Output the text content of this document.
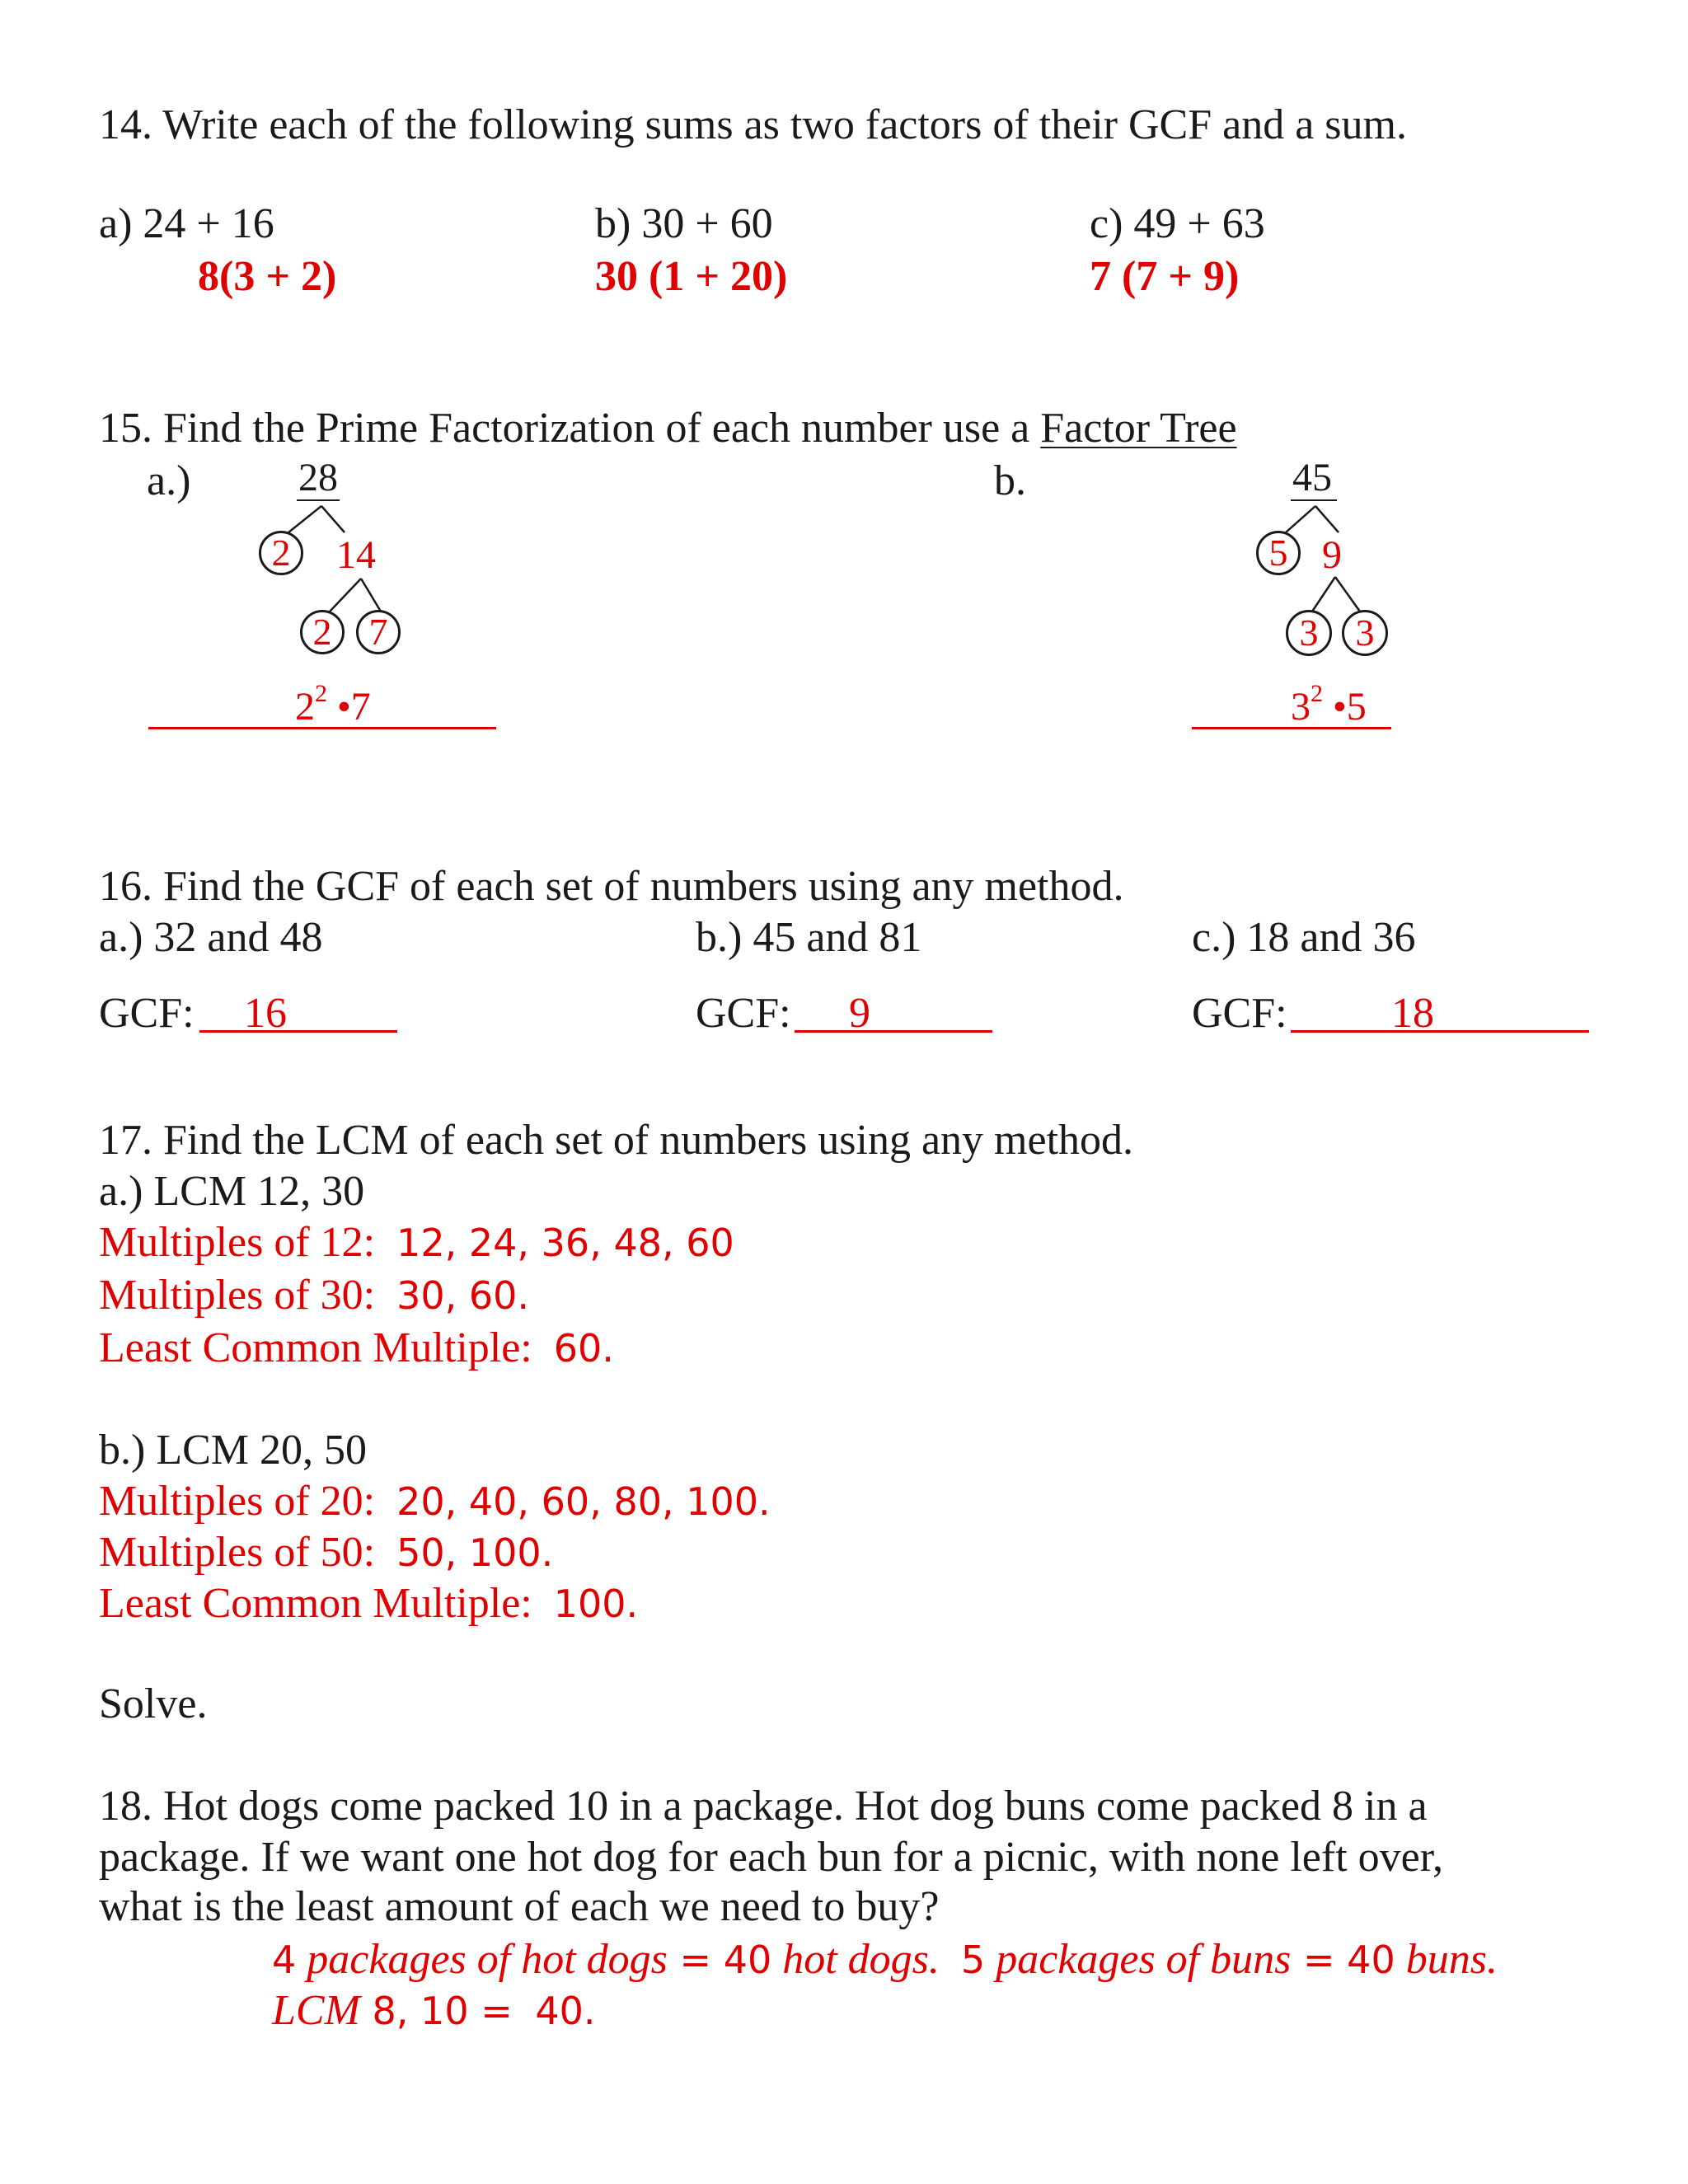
14. Write each of the following sums as two factors of their GCF and a sum.
a) 24 + 16
8(3 + 2)
b) 30 + 60
30 (1 + 20)
c) 49 + 63
7 (7 + 9)
15. Find the Prime Factorization of each number use a Factor Tree
a.)	28
2	14
2 7
$2^2$ •7
b.	45
5 9
3 3
$3^2$ •5
16. Find the GCF of each set of numbers using any method.
a.) 32 and 48	b.) 45 and 81	c.) 18 and 36
GCF: 16	GCF: 9	GCF: 18
17. Find the LCM of each set of numbers using any method.
a.) LCM 12, 30
Multiples of 12: 12, 24, 36, 48, 60
Multiples of 30: 30, 60.
Least Common Multiple: 60.
b.) LCM 20, 50
Multiples of 20: 20, 40, 60, 80, 100.
Multiples of 50: 50, 100.
Least Common Multiple: 100.
Solve.
18. Hot dogs come packed 10 in a package. Hot dog buns come packed 8 in a
package. If we want one hot dog for each bun for a picnic, with none left over,
what is the least amount of each we need to buy?
4 packages of hot dogs = 40 hot dogs. 5 packages of buns = 40 buns.
LCM 8, 10 =  40.
